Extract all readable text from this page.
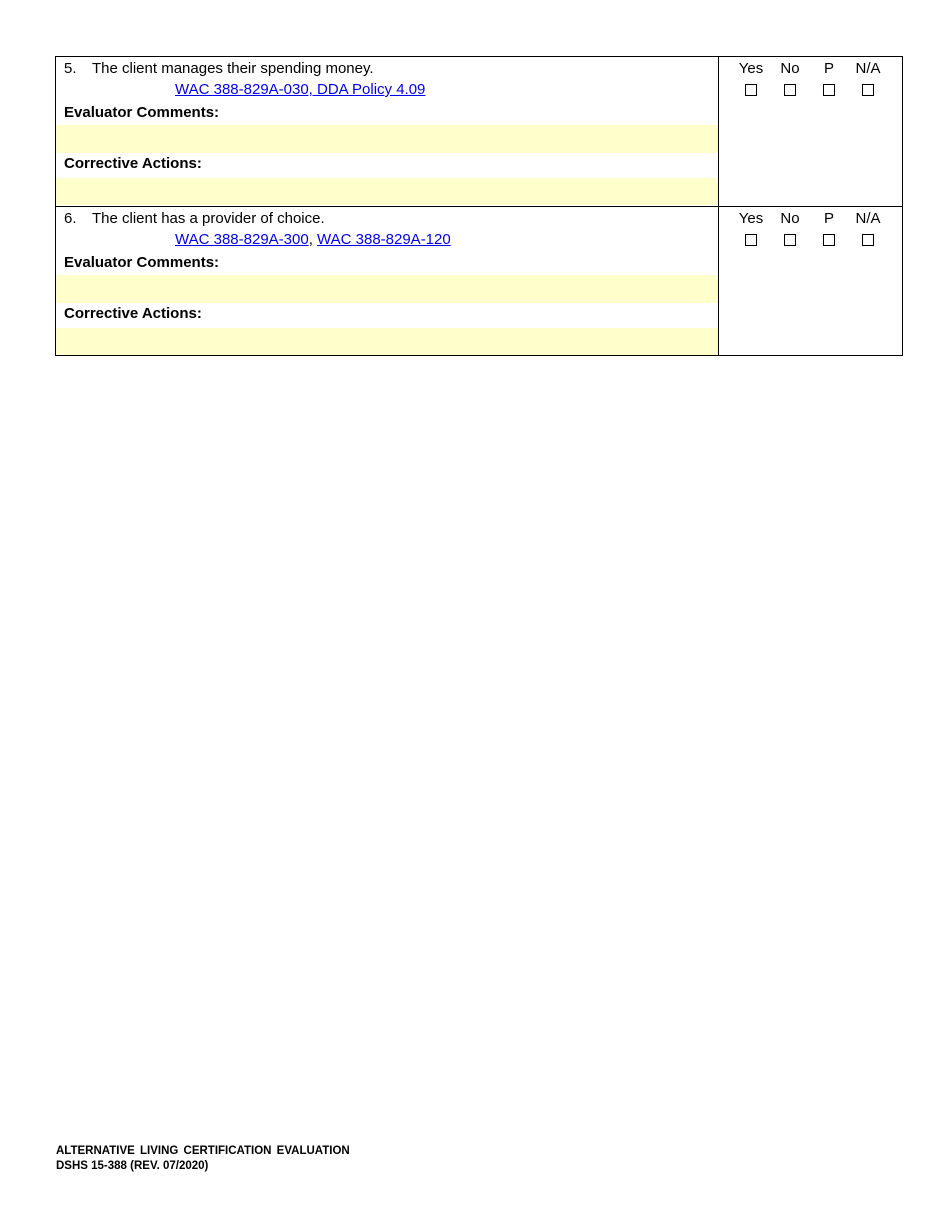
5. The client manages their spending money.
WAC 388-829A-030, DDA Policy 4.09
Evaluator Comments:
Corrective Actions:
Yes	No	P	N/A
6. The client has a provider of choice.
WAC 388-829A-300, WAC 388-829A-120
Evaluator Comments:
Corrective Actions:
Yes	No	P	N/A
ALTERNATIVE LIVING CERTIFICATION EVALUATION
DSHS 15-388 (REV. 07/2020)
